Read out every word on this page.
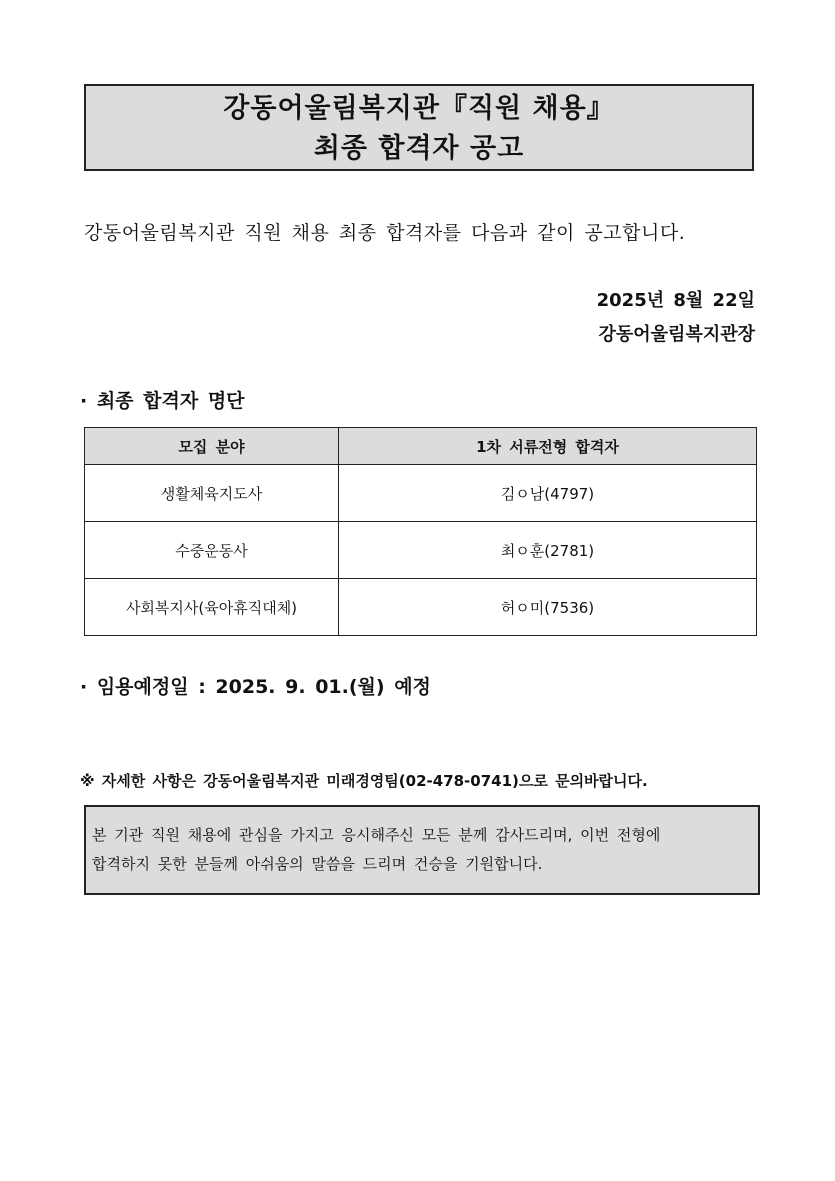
강동어울림복지관『직원 채용』
최종 합격자 공고
강동어울림복지관 직원 채용 최종 합격자를 다음과 같이 공고합니다.
2025년 8월 22일
강동어울림복지관장
· 최종 합격자 명단
모집 분야	1차 서류전형 합격자
생활체육지도사	김ㅇ남(4797)
수중운동사	최ㅇ훈(2781)
사회복지사(육아휴직대체)	허ㅇ미(7536)
· 임용예정일 : 2025. 9. 01.(월) 예정
※ 자세한 사항은 강동어울림복지관 미래경영팀(02-478-0741)으로 문의바랍니다.
본 기관 직원 채용에 관심을 가지고 응시해주신 모든 분께 감사드리며, 이번 전형에
합격하지 못한 분들께 아쉬움의 말씀을 드리며 건승을 기원합니다.
